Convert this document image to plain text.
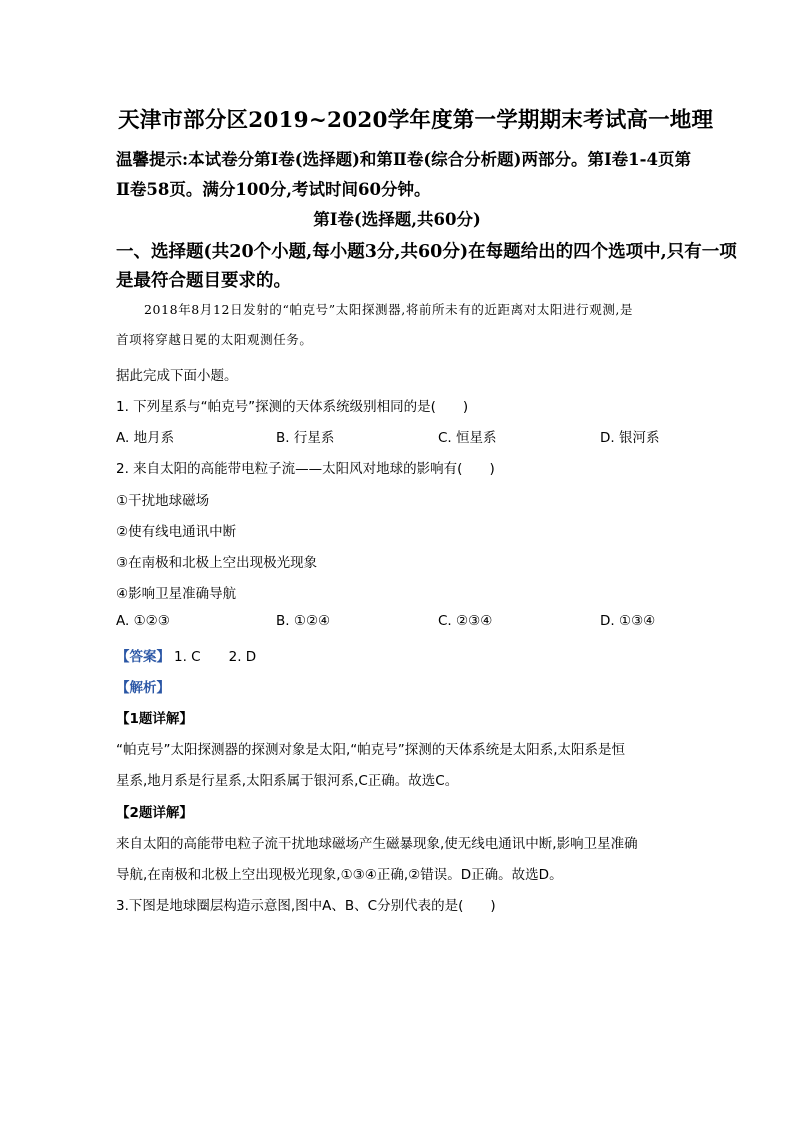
天津市部分区2019~2020学年度第一学期期末考试高一地理
温馨提示:本试卷分第Ⅰ卷(选择题)和第Ⅱ卷(综合分析题)两部分。第Ⅰ卷1-4页第
Ⅱ卷58页。满分100分,考试时间60分钟。
第Ⅰ卷(选择题,共60分)
一、选择题(共20个小题,每小题3分,共60分)在每题给出的四个选项中,只有一项
是最符合题目要求的。
2018年8月12日发射的“帕克号”太阳探测器,将前所未有的近距离对太阳进行观测,是
首项将穿越日冕的太阳观测任务。
据此完成下面小题。
1. 下列星系与“帕克号”探测的天体系统级别相同的是(　　)
A. 地月系	B. 行星系	C. 恒星系	D. 银河系
2. 来自太阳的高能带电粒子流——太阳风对地球的影响有(　　)
①干扰地球磁场
②使有线电通讯中断
③在南极和北极上空出现极光现象
④影响卫星准确导航
A. ①②③	B. ①②④	C. ②③④	D. ①③④
【答案】 1. C 2. D
【解析】
【1题详解】
“帕克号”太阳探测器的探测对象是太阳,“帕克号”探测的天体系统是太阳系,太阳系是恒
星系,地月系是行星系,太阳系属于银河系,C正确。故选C。
【2题详解】
来自太阳的高能带电粒子流干扰地球磁场产生磁暴现象,使无线电通讯中断,影响卫星准确
导航,在南极和北极上空出现极光现象,①③④正确,②错误。D正确。故选D。
3.下图是地球圈层构造示意图,图中A、B、C分别代表的是(　　)
